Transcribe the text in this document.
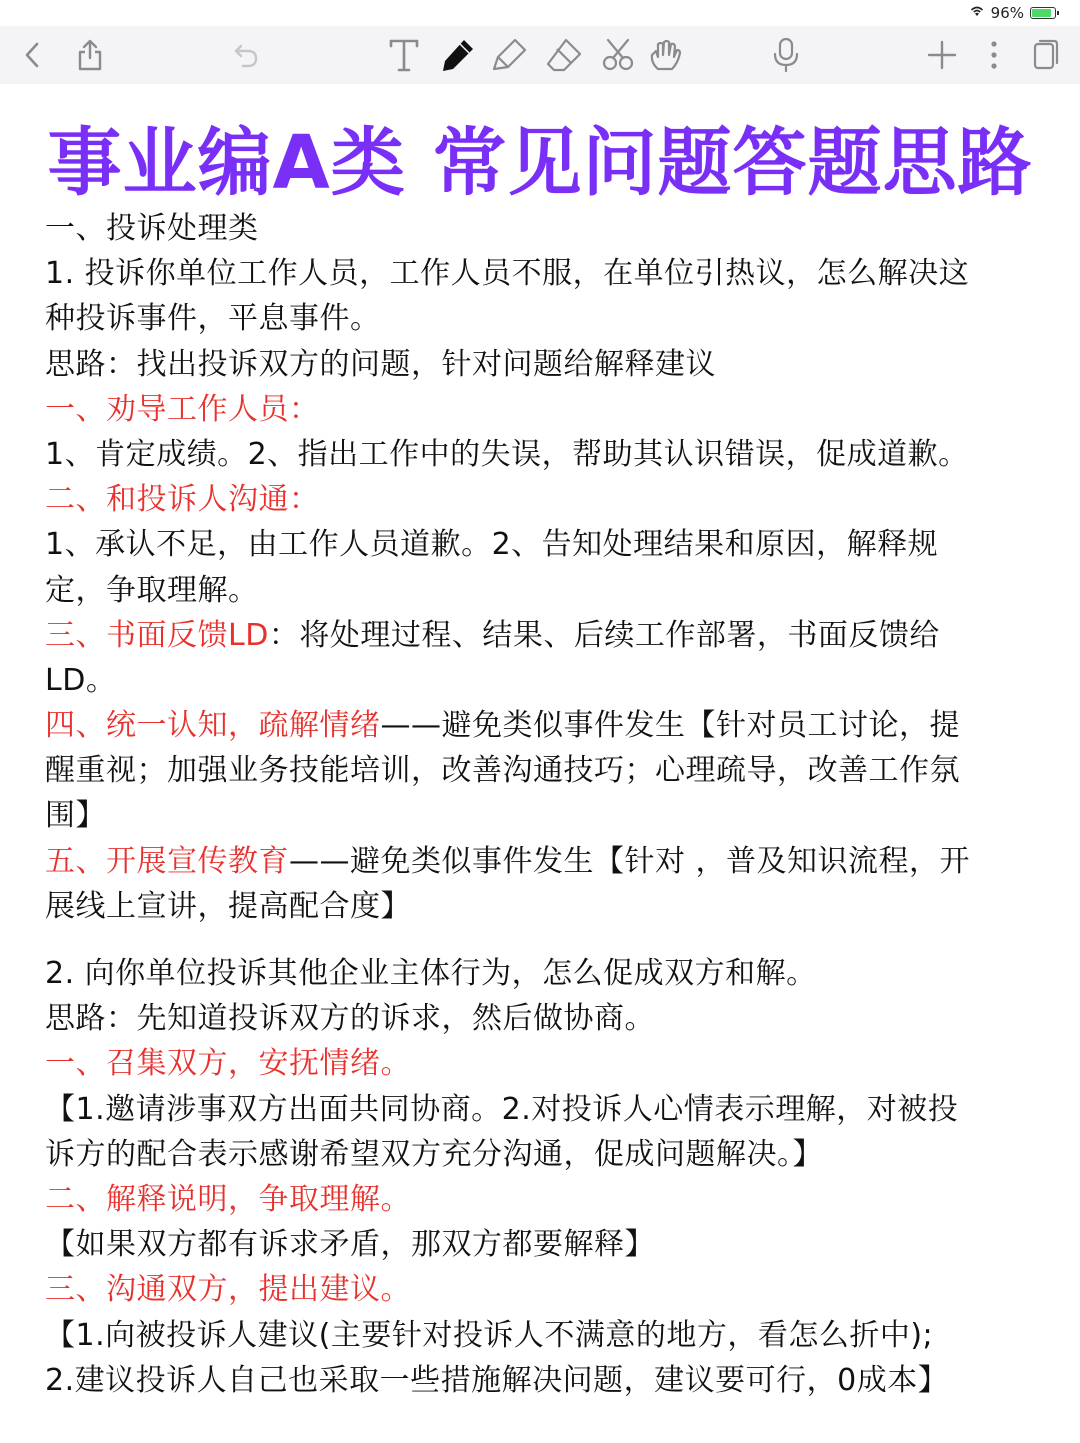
96%
事业编A类 常见问题答题思路
一、投诉处理类
1. 投诉你单位工作人员，工作人员不服，在单位引热议，怎么解决这
种投诉事件，平息事件。
思路：找出投诉双方的问题，针对问题给解释建议
一、劝导工作人员：
1、肯定成绩。2、指出工作中的失误，帮助其认识错误，促成道歉。
二、和投诉人沟通：
1、承认不足，由工作人员道歉。2、告知处理结果和原因，解释规
定，争取理解。
三、书面反馈LD：将处理过程、结果、后续工作部署，书面反馈给
LD。
四、统一认知，疏解情绪——避免类似事件发生【针对员工讨论，提
醒重视；加强业务技能培训，改善沟通技巧；心理疏导，改善工作氛
围】
五、开展宣传教育——避免类似事件发生【针对 ，普及知识流程，开
展线上宣讲，提高配合度】
2. 向你单位投诉其他企业主体行为，怎么促成双方和解。
思路：先知道投诉双方的诉求，然后做协商。
一、召集双方，安抚情绪。
【1.邀请涉事双方出面共同协商。2.对投诉人心情表示理解，对被投
诉方的配合表示感谢希望双方充分沟通，促成问题解决。】
二、解释说明，争取理解。
【如果双方都有诉求矛盾，那双方都要解释】
三、沟通双方，提出建议。
【1.向被投诉人建议(主要针对投诉人不满意的地方，看怎么折中);
2.建议投诉人自己也采取一些措施解决问题，建议要可行，0成本】
